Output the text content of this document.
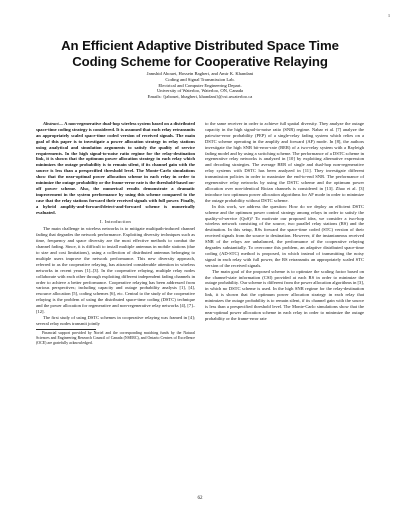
1
An Efficient Adaptive Distributed Space Time
Coding Scheme for Cooperative Relaying
Jamshid Abouei, Hossein Bagheri, and Amir K. Khandani
Coding and Signal Transmission Lab.
Electrical and Computer Engineering Depart.
University of Waterloo, Waterloo, ON, Canada
Emails: {jabouei, hbagheri, khandani}@cst.uwaterloo.ca

Abstract— A non-regenerative dual-hop wireless system based on a distributed space-time coding strategy is considered. It is assumed that each relay retransmits an appropriately scaled space-time coded version of received signals. The main goal of this paper is to investigate a power allocation strategy in relay stations using analytical and simulation arguments to satisfy the quality of service requirements. In the high signal-to-noise ratio regime for the relay-destination link, it is shown that the optimum power allocation strategy in each relay which minimizes the outage probability is to remain silent, if its channel gain with the source is less than a prespecified threshold level. The Monte-Carlo simulations show that the near-optimal power allocation scheme in each relay in order to minimize the outage probability or the frame-error rate is the threshold-based on-off power scheme. Also, the numerical results demonstrate a dramatic improvement in the system performance by using this scheme compared to the case that the relay stations forward their received signals with full power. Finally, a hybrid amplify-and-forward/detect-and-forward scheme is numerically evaluated.

I. Introduction

The main challenge in wireless networks is to mitigate multipath-induced channel fading that degrades the network performance. Exploiting diversity techniques such as time, frequency and space diversity are the most effective methods to combat the channel fading. Since, it is difficult to install multiple antennas in mobile stations (due to size and cost limitations), using a collection of distributed antennas belonging to multiple users improve the network performance. This new diversity approach, referred to as the cooperative relaying, has attracted considerable attention in wireless networks in recent years [1]–[3]. In the cooperative relaying, multiple relay nodes collaborate with each other through exploiting different independent fading channels in order to achieve a better performance. Cooperative relaying has been addressed from various perspectives; including capacity and outage probability analysis [1], [4], resource allocation [5], coding schemes [6], etc. Central to the study of the cooperative relaying is the problem of using the distributed space-time coding (DSTC) technique and the power allocation for regenerative and non-regenerative relay networks [4], [7]–[12].

The first study of using DSTC schemes in cooperative relaying was framed in [4]; several relay nodes transmit jointly

Financial support provided by Nortel and the corresponding matching funds by the Natural Sciences and Engineering Research Council of Canada (NSERC), and Ontario Centres of Excellence (OCE) are gratefully acknowledged.

to the same receiver in order to achieve full spatial diversity. They analyze the outage capacity in the high signal-to-noise ratio (SNR) regime. Nabar et al. [7] analyze the pairwise-error probability (PEP) of a single-relay fading system which relies on a DSTC scheme operating in the amplify and forward (AF) mode. In [8], the authors investigate the high SNR bit-error-rate (BER) of a two-relay system with a Rayleigh fading model and by using a switching scheme. The performance of a DSTC scheme in regenerative relay networks is analyzed in [10] by exploiting alternative expression and decoding strategies. The average BER of single and dual-hop non-regenerative relay systems with DSTC has been analyzed in [11]. They investigate different transmission policies in order to maximize the end-to-end SNR. The performance of regenerative relay networks by using the DSTC scheme and the optimum power allocation over non-identical Rician channels is considered in [13]. Zhao et al. [3] introduce two optimum power allocation algorithms for AF mode in order to minimize the outage probability without DSTC scheme.

In this work, we address the question: How do we deploy an efficient DSTC scheme and the optimum power control strategy among relays in order to satisfy the quality-of-service (QoS)? To motivate our proposed idea, we consider a two-hop wireless network consisting of the source, two parallel relay stations (RS) and the destination. In this setup, RSs forward the space-time coded (STC) version of their received signals from the source to destination. However, if the instantaneous received SNR of the relays are unbalanced, the performance of the cooperative relaying degrades substantially. To overcome this problem, an adaptive distributed space-time coding (AD-STC) method is proposed, in which instead of transmitting the noisy signal in each relay with full power, the RS retransmits an appropriately scaled STC version of the received signals.

The main goal of the proposed scheme is to optimize the scaling factor based on the channel-state information (CSI) provided at each RS in order to minimize the outage probability. Our scheme is different from the power allocation algorithms in [3], in which no DSTC scheme is used. In the high SNR regime for the relay-destination link, it is shown that the optimum power allocation strategy in each relay that minimizes the outage probability is to remain silent, if its channel gain with the source is less than a prespecified threshold level. The Monte-Carlo simulations show that the near-optimal power allocation scheme in each relay in order to minimize the outage probability or the frame-error rate

62
